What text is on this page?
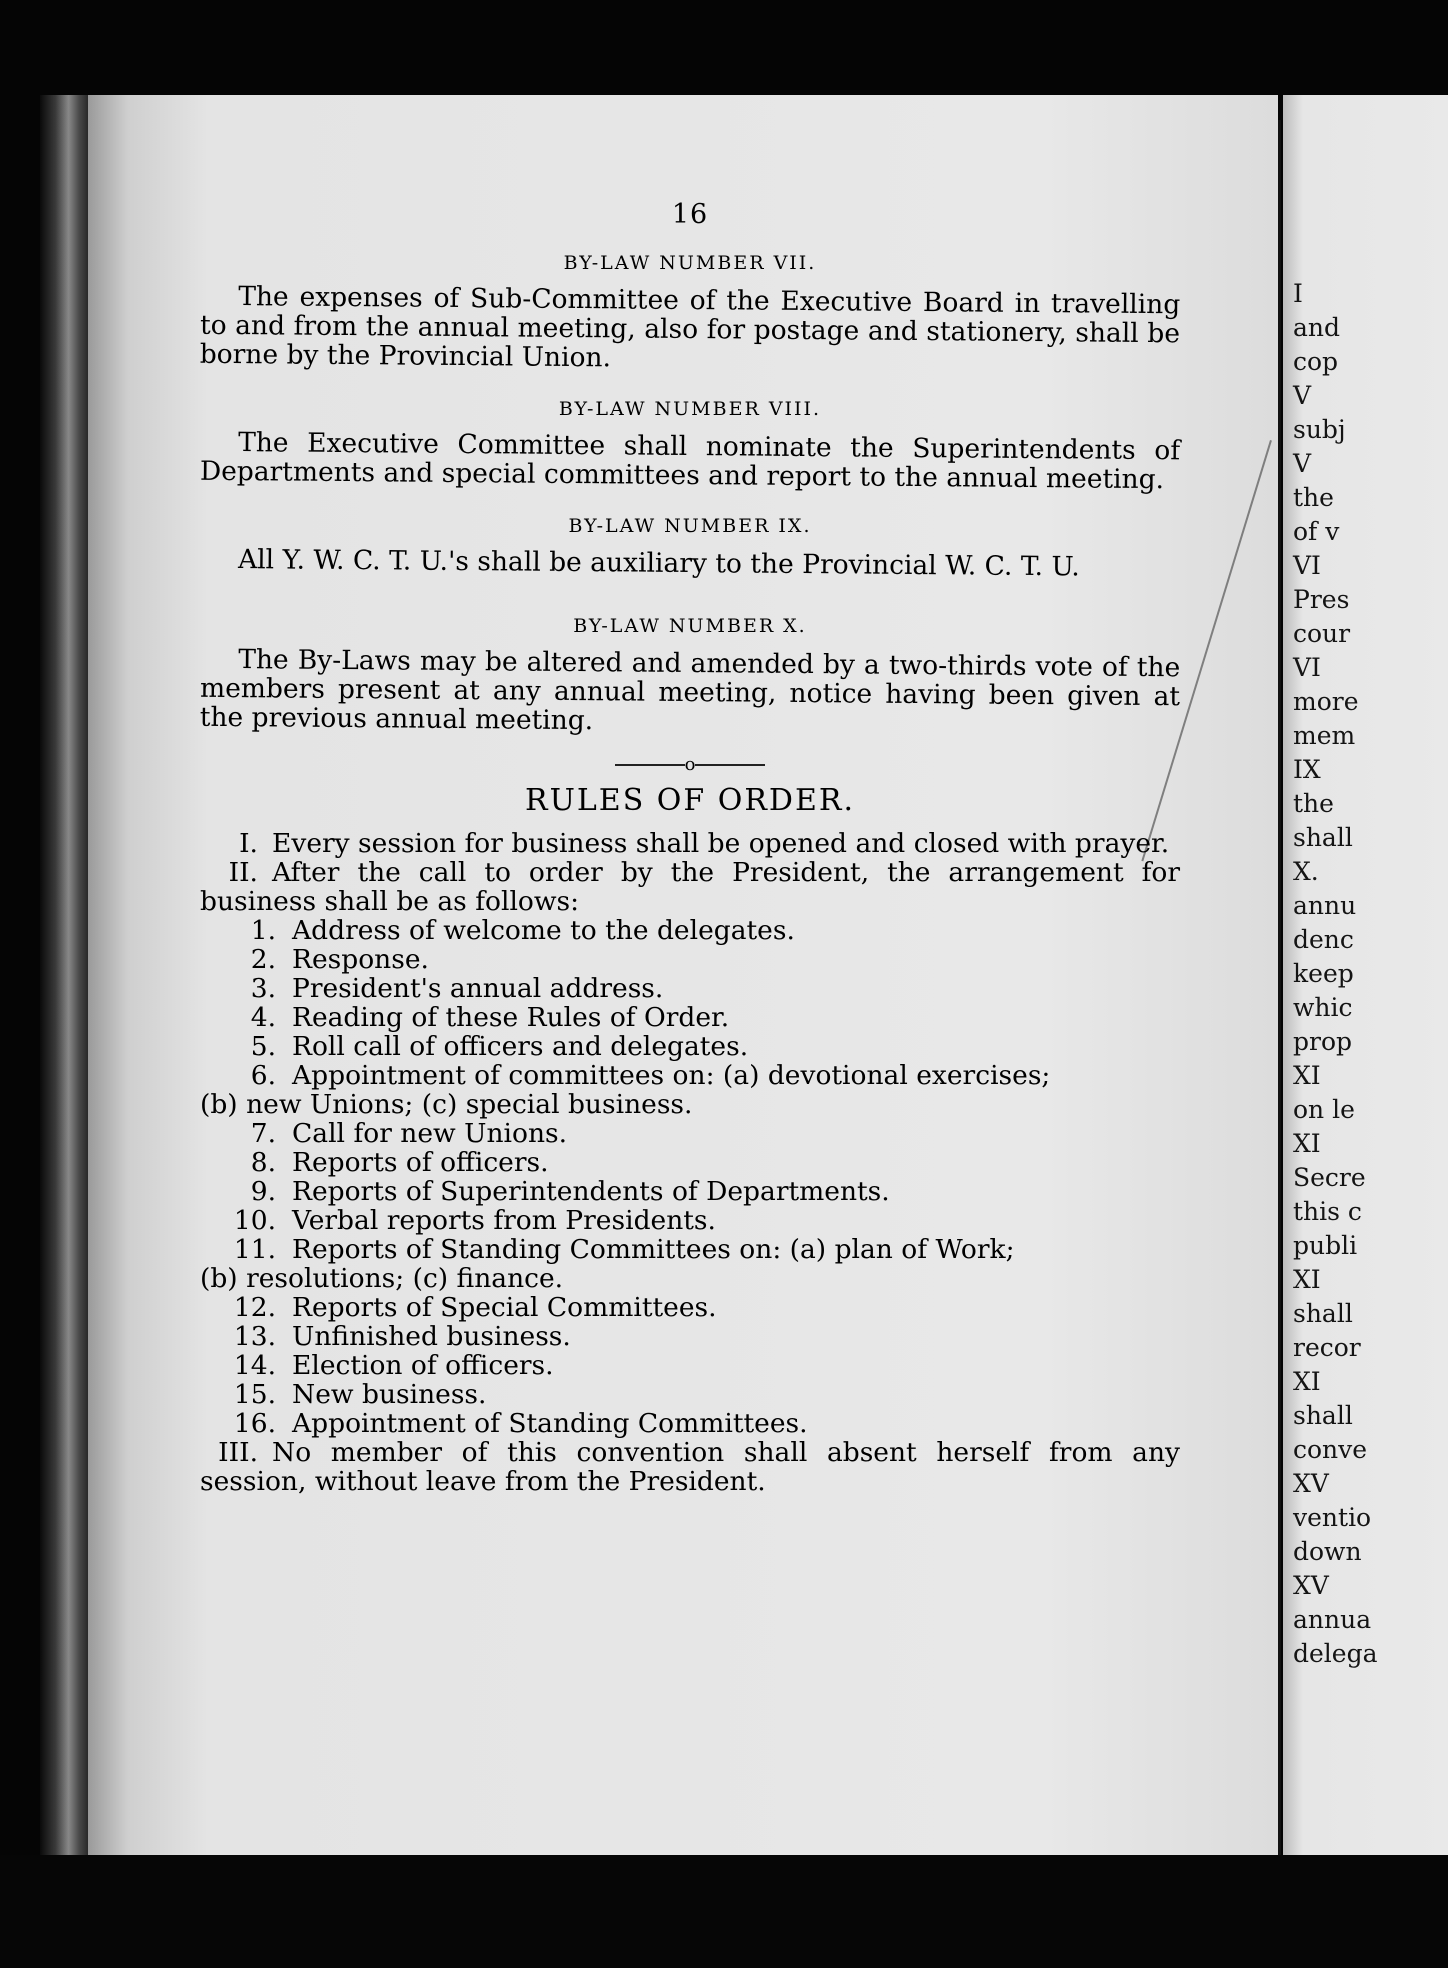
I
and
cop
V
subj
V
the
of v
VI
Pres
cour
VI
more
mem
IX
the
shall
X.
annu
denc
keep
whic
prop
XI
on le
XI
Secre
this c
publi
XI
shall
recor
XI
shall
conve
XV
ventio
down
XV
annua
delega
16
BY-LAW NUMBER VII.

The expenses of Sub-Committee of the Executive Board in travelling to and from the annual meeting, also for postage and stationery, shall be borne by the Provincial Union.

BY-LAW NUMBER VIII.

The Executive Committee shall nominate the Superintendents of Departments and special committees and report to the annual meeting.

BY-LAW NUMBER IX.

All Y. W. C. T. U.'s shall be auxiliary to the Provincial W. C. T. U.

BY-LAW NUMBER X.

The By-Laws may be altered and amended by a two-thirds vote of the members present at any annual meeting, notice having been given at the previous annual meeting.

o
RULES OF ORDER.

I. Every session for business shall be opened and closed with prayer.

II. After the call to order by the President, the arrangement for business shall be as follows:

1. Address of welcome to the delegates.
2. Response.
3. President's annual address.
4. Reading of these Rules of Order.
5. Roll call of officers and delegates.
6. Appointment of committees on: (a) devotional exercises;
(b) new Unions; (c) special business.
7. Call for new Unions.
8. Reports of officers.
9. Reports of Superintendents of Departments.
10. Verbal reports from Presidents.
11. Reports of Standing Committees on: (a) plan of Work;
(b) resolutions; (c) finance.
12. Reports of Special Committees.
13. Unfinished business.
14. Election of officers.
15. New business.
16. Appointment of Standing Committees.

III. No member of this convention shall absent herself from any session, without leave from the President.
